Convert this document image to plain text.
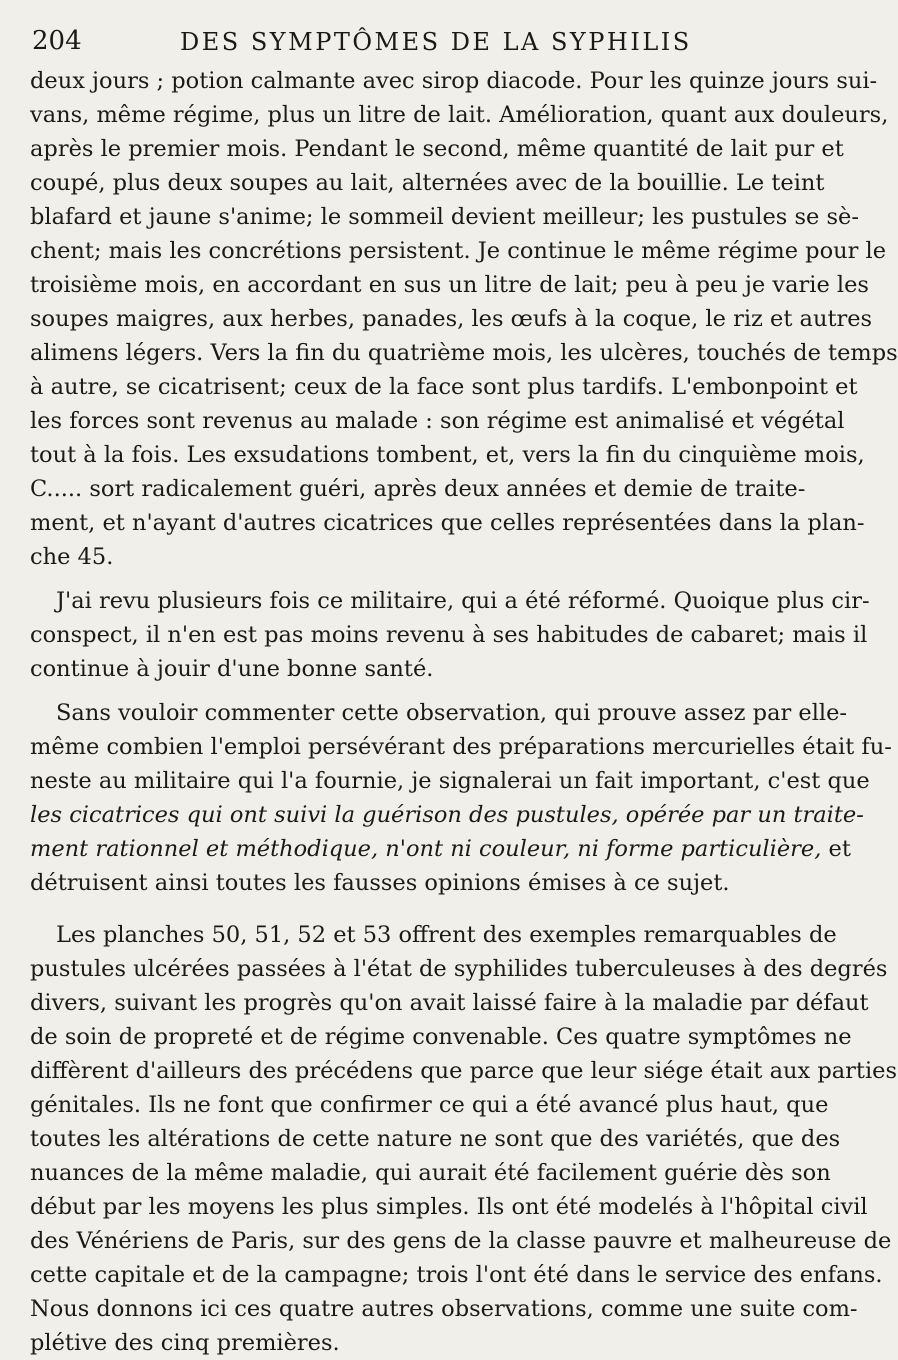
204	DES SYMPTÔMES DE LA SYPHILIS
deux jours ; potion calmante avec sirop diacode. Pour les quinze jours sui-
vans, même régime, plus un litre de lait. Amélioration, quant aux douleurs,
après le premier mois. Pendant le second, même quantité de lait pur et
coupé, plus deux soupes au lait, alternées avec de la bouillie. Le teint
blafard et jaune s'anime; le sommeil devient meilleur; les pustules se sè-
chent; mais les concrétions persistent. Je continue le même régime pour le
troisième mois, en accordant en sus un litre de lait; peu à peu je varie les
soupes maigres, aux herbes, panades, les œufs à la coque, le riz et autres
alimens légers. Vers la fin du quatrième mois, les ulcères, touchés de temps
à autre, se cicatrisent; ceux de la face sont plus tardifs. L'embonpoint et
les forces sont revenus au malade : son régime est animalisé et végétal
tout à la fois. Les exsudations tombent, et, vers la fin du cinquième mois,
C..... sort radicalement guéri, après deux années et demie de traite-
ment, et n'ayant d'autres cicatrices que celles représentées dans la plan-
che 45.
J'ai revu plusieurs fois ce militaire, qui a été réformé. Quoique plus cir-
conspect, il n'en est pas moins revenu à ses habitudes de cabaret; mais il
continue à jouir d'une bonne santé.
Sans vouloir commenter cette observation, qui prouve assez par elle-
même combien l'emploi persévérant des préparations mercurielles était fu-
neste au militaire qui l'a fournie, je signalerai un fait important, c'est que
les cicatrices qui ont suivi la guérison des pustules, opérée par un traite-
ment rationnel et méthodique, n'ont ni couleur, ni forme particulière, et
détruisent ainsi toutes les fausses opinions émises à ce sujet.
Les planches 50, 51, 52 et 53 offrent des exemples remarquables de
pustules ulcérées passées à l'état de syphilides tuberculeuses à des degrés
divers, suivant les progrès qu'on avait laissé faire à la maladie par défaut
de soin de propreté et de régime convenable. Ces quatre symptômes ne
diffèrent d'ailleurs des précédens que parce que leur siége était aux parties
génitales. Ils ne font que confirmer ce qui a été avancé plus haut, que
toutes les altérations de cette nature ne sont que des variétés, que des
nuances de la même maladie, qui aurait été facilement guérie dès son
début par les moyens les plus simples. Ils ont été modelés à l'hôpital civil
des Vénériens de Paris, sur des gens de la classe pauvre et malheureuse de
cette capitale et de la campagne; trois l'ont été dans le service des enfans.
Nous donnons ici ces quatre autres observations, comme une suite com-
plétive des cinq premières.
